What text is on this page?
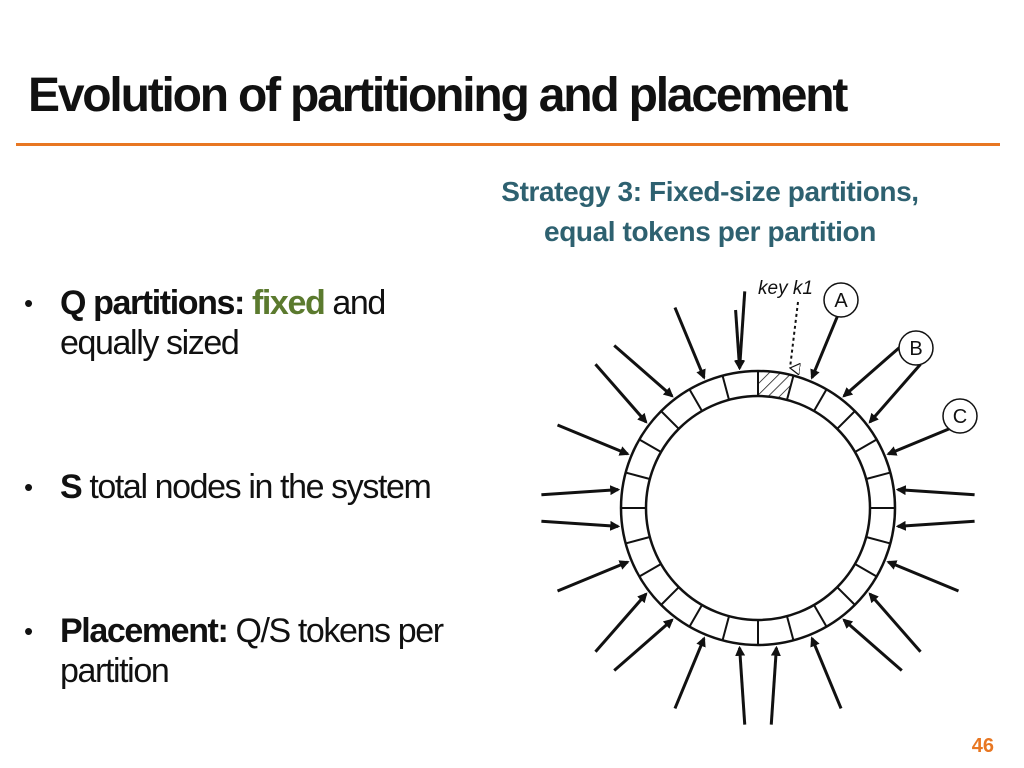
Evolution of partitioning and placement
Strategy 3: Fixed-size partitions,
equal tokens per partition
• Q partitions: fixed and
equally sized
• S total nodes in the system
• Placement: Q/S tokens per
partition
key k1
A
B
C
46
